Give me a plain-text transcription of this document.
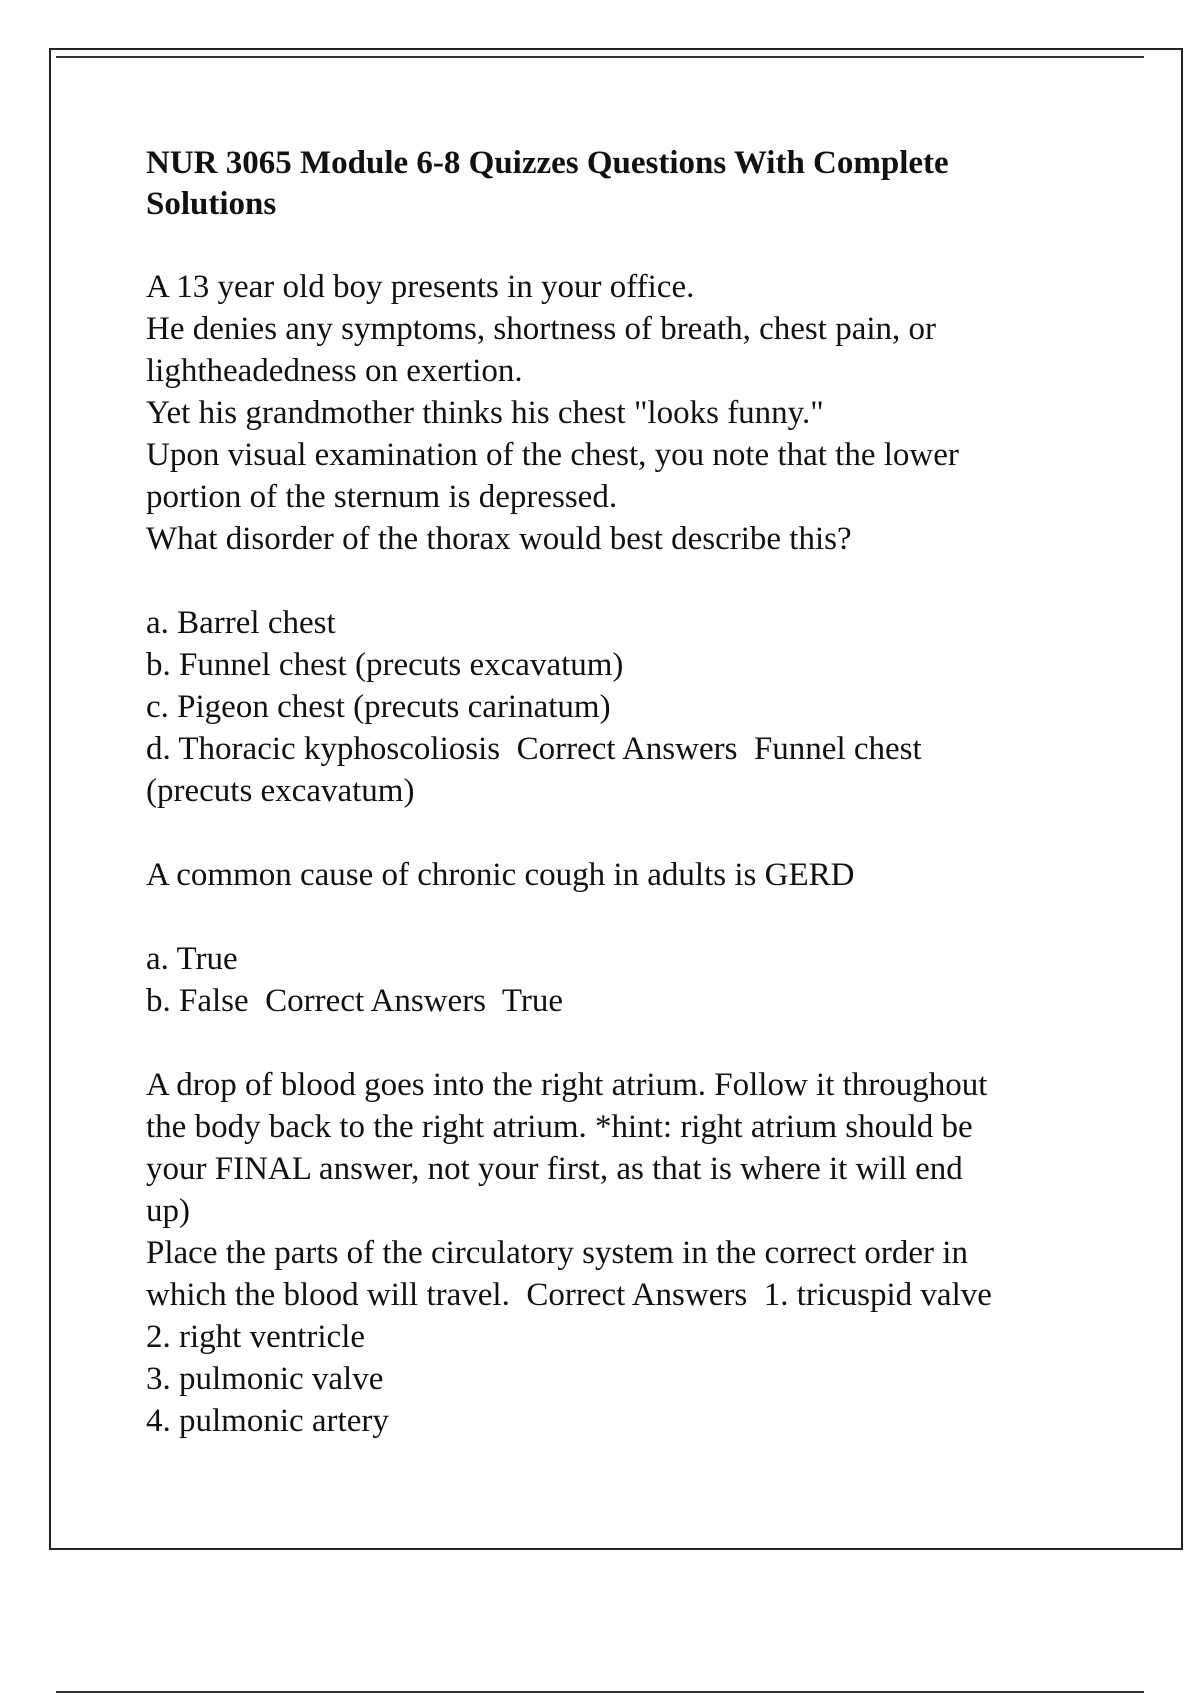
NUR 3065 Module 6-8 Quizzes Questions With Complete
Solutions
A 13 year old boy presents in your office.
He denies any symptoms, shortness of breath, chest pain, or
lightheadedness on exertion.
Yet his grandmother thinks his chest "looks funny."
Upon visual examination of the chest, you note that the lower
portion of the sternum is depressed.
What disorder of the thorax would best describe this?
a. Barrel chest
b. Funnel chest (precuts excavatum)
c. Pigeon chest (precuts carinatum)
d. Thoracic kyphoscoliosis  Correct Answers  Funnel chest
(precuts excavatum)
A common cause of chronic cough in adults is GERD
a. True
b. False  Correct Answers  True
A drop of blood goes into the right atrium. Follow it throughout
the body back to the right atrium. *hint: right atrium should be
your FINAL answer, not your first, as that is where it will end
up)
Place the parts of the circulatory system in the correct order in
which the blood will travel.  Correct Answers  1. tricuspid valve
2. right ventricle
3. pulmonic valve
4. pulmonic artery
